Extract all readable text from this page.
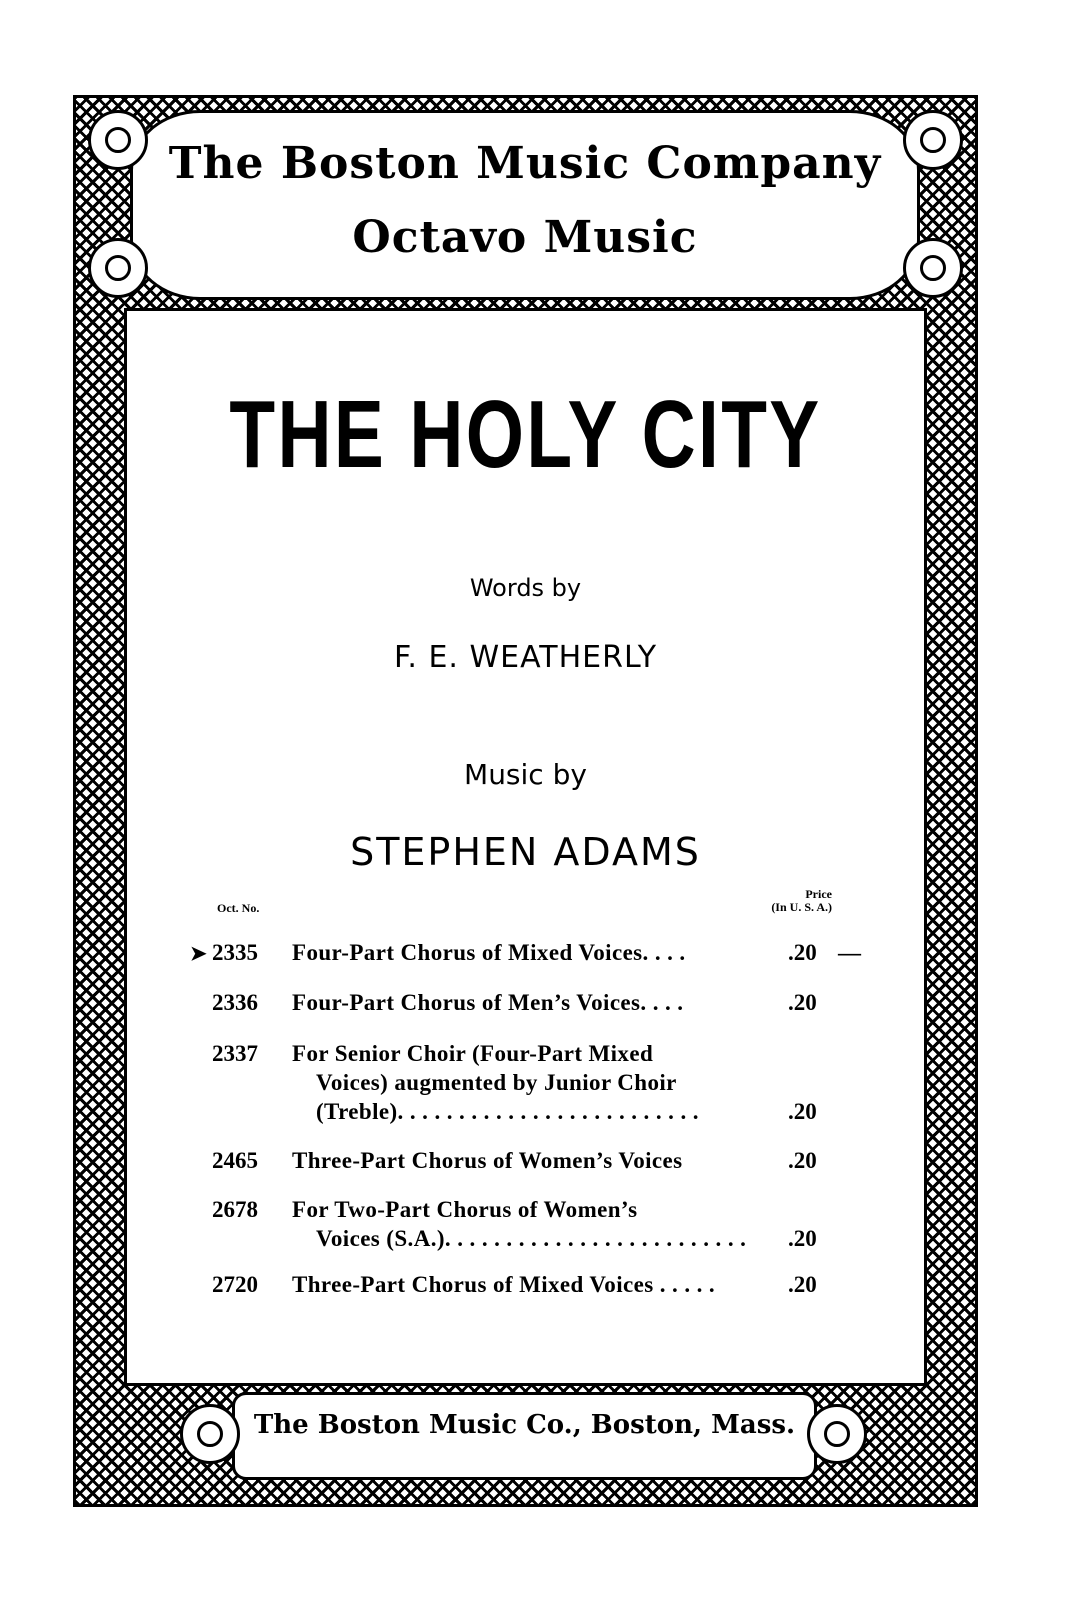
The Boston Music Company
Octavo Music
THE HOLY CITY
Words by
F. E. WEATHERLY
Music by
STEPHEN ADAMS
Oct. No.
Price
(In U. S. A.)
➤ 2335	Four-Part Chorus of Mixed Voices. . . .	.20 —
2336	Four-Part Chorus of Men’s Voices. . . .	.20
2337	For Senior Choir (Four-Part Mixed
Voices) augmented by Junior Choir
(Treble). . . . . . . . . . . . . . . . . . . . . . . . .	.20
2465	Three-Part Chorus of Women’s Voices	.20
2678	For Two-Part Chorus of Women’s
Voices (S.A.). . . . . . . . . . . . . . . . . . . . . . . . .	.20
2720	Three-Part Chorus of Mixed Voices . . . . .	.20
The Boston Music Co., Boston, Mass.
